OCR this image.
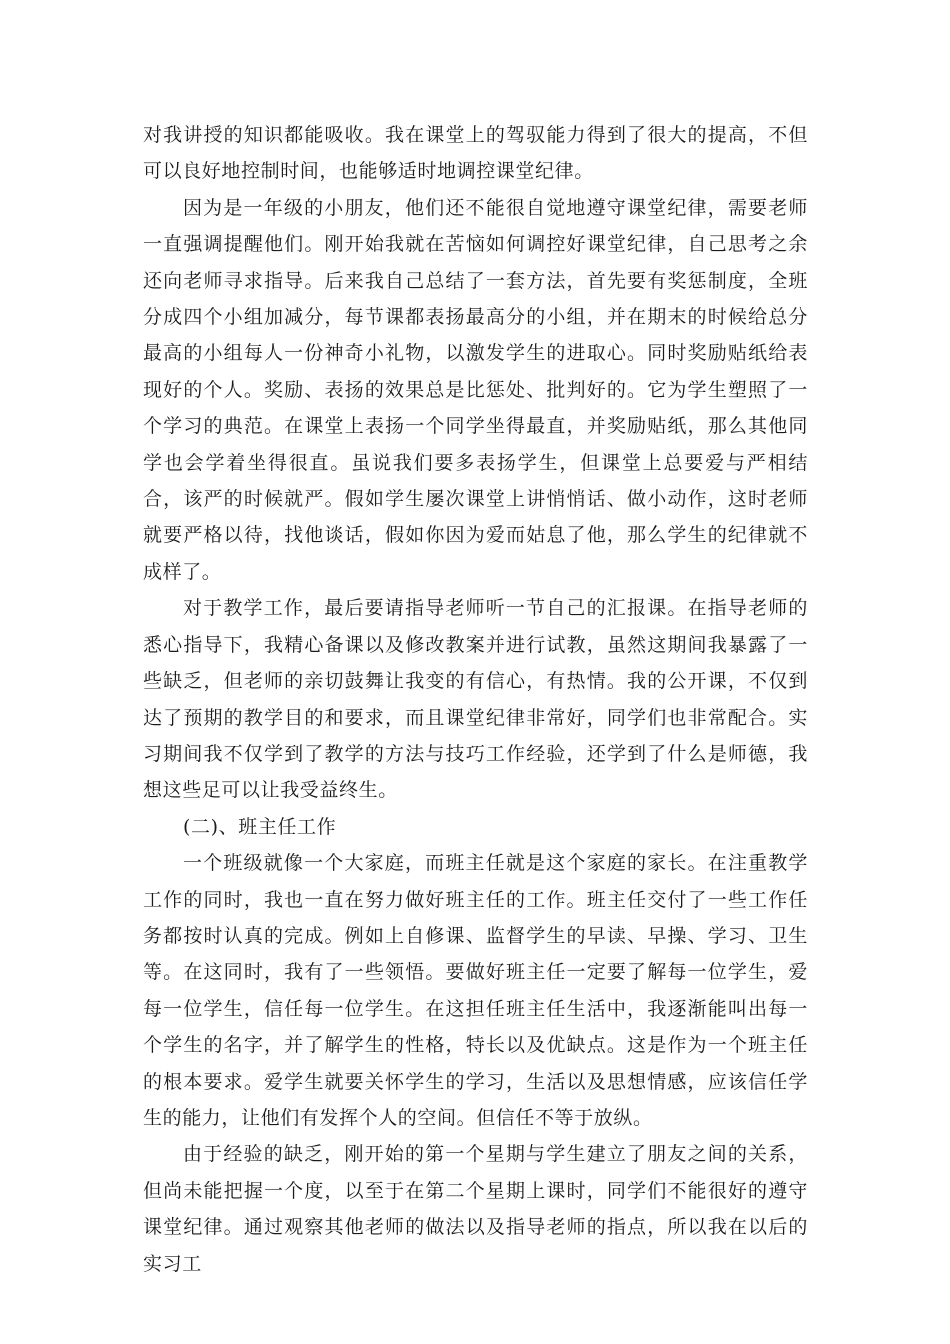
对我讲授的知识都能吸收。我在课堂上的驾驭能力得到了很大的提高，不但可以良好地控制时间，也能够适时地调控课堂纪律。

因为是一年级的小朋友，他们还不能很自觉地遵守课堂纪律，需要老师一直强调提醒他们。刚开始我就在苦恼如何调控好课堂纪律，自己思考之余还向老师寻求指导。后来我自己总结了一套方法，首先要有奖惩制度，全班分成四个小组加减分，每节课都表扬最高分的小组，并在期末的时候给总分最高的小组每人一份神奇小礼物，以激发学生的进取心。同时奖励贴纸给表现好的个人。奖励、表扬的效果总是比惩处、批判好的。它为学生塑照了一个学习的典范。在课堂上表扬一个同学坐得最直，并奖励贴纸，那么其他同学也会学着坐得很直。虽说我们要多表扬学生，但课堂上总要爱与严相结合，该严的时候就严。假如学生屡次课堂上讲悄悄话、做小动作，这时老师就要严格以待，找他谈话，假如你因为爱而姑息了他，那么学生的纪律就不成样了。

对于教学工作，最后要请指导老师听一节自己的汇报课。在指导老师的悉心指导下，我精心备课以及修改教案并进行试教，虽然这期间我暴露了一些缺乏，但老师的亲切鼓舞让我变的有信心，有热情。我的公开课，不仅到达了预期的教学目的和要求，而且课堂纪律非常好，同学们也非常配合。实习期间我不仅学到了教学的方法与技巧工作经验，还学到了什么是师德，我想这些足可以让我受益终生。

(二)、班主任工作

一个班级就像一个大家庭，而班主任就是这个家庭的家长。在注重教学工作的同时，我也一直在努力做好班主任的工作。班主任交付了一些工作任务都按时认真的完成。例如上自修课、监督学生的早读、早操、学习、卫生等。在这同时，我有了一些领悟。要做好班主任一定要了解每一位学生，爱每一位学生，信任每一位学生。在这担任班主任生活中，我逐渐能叫出每一个学生的名字，并了解学生的性格，特长以及优缺点。这是作为一个班主任的根本要求。爱学生就要关怀学生的学习，生活以及思想情感，应该信任学生的能力，让他们有发挥个人的空间。但信任不等于放纵。

由于经验的缺乏，刚开始的第一个星期与学生建立了朋友之间的关系，但尚未能把握一个度，以至于在第二个星期上课时，同学们不能很好的遵守课堂纪律。通过观察其他老师的做法以及指导老师的指点，所以我在以后的实习工
